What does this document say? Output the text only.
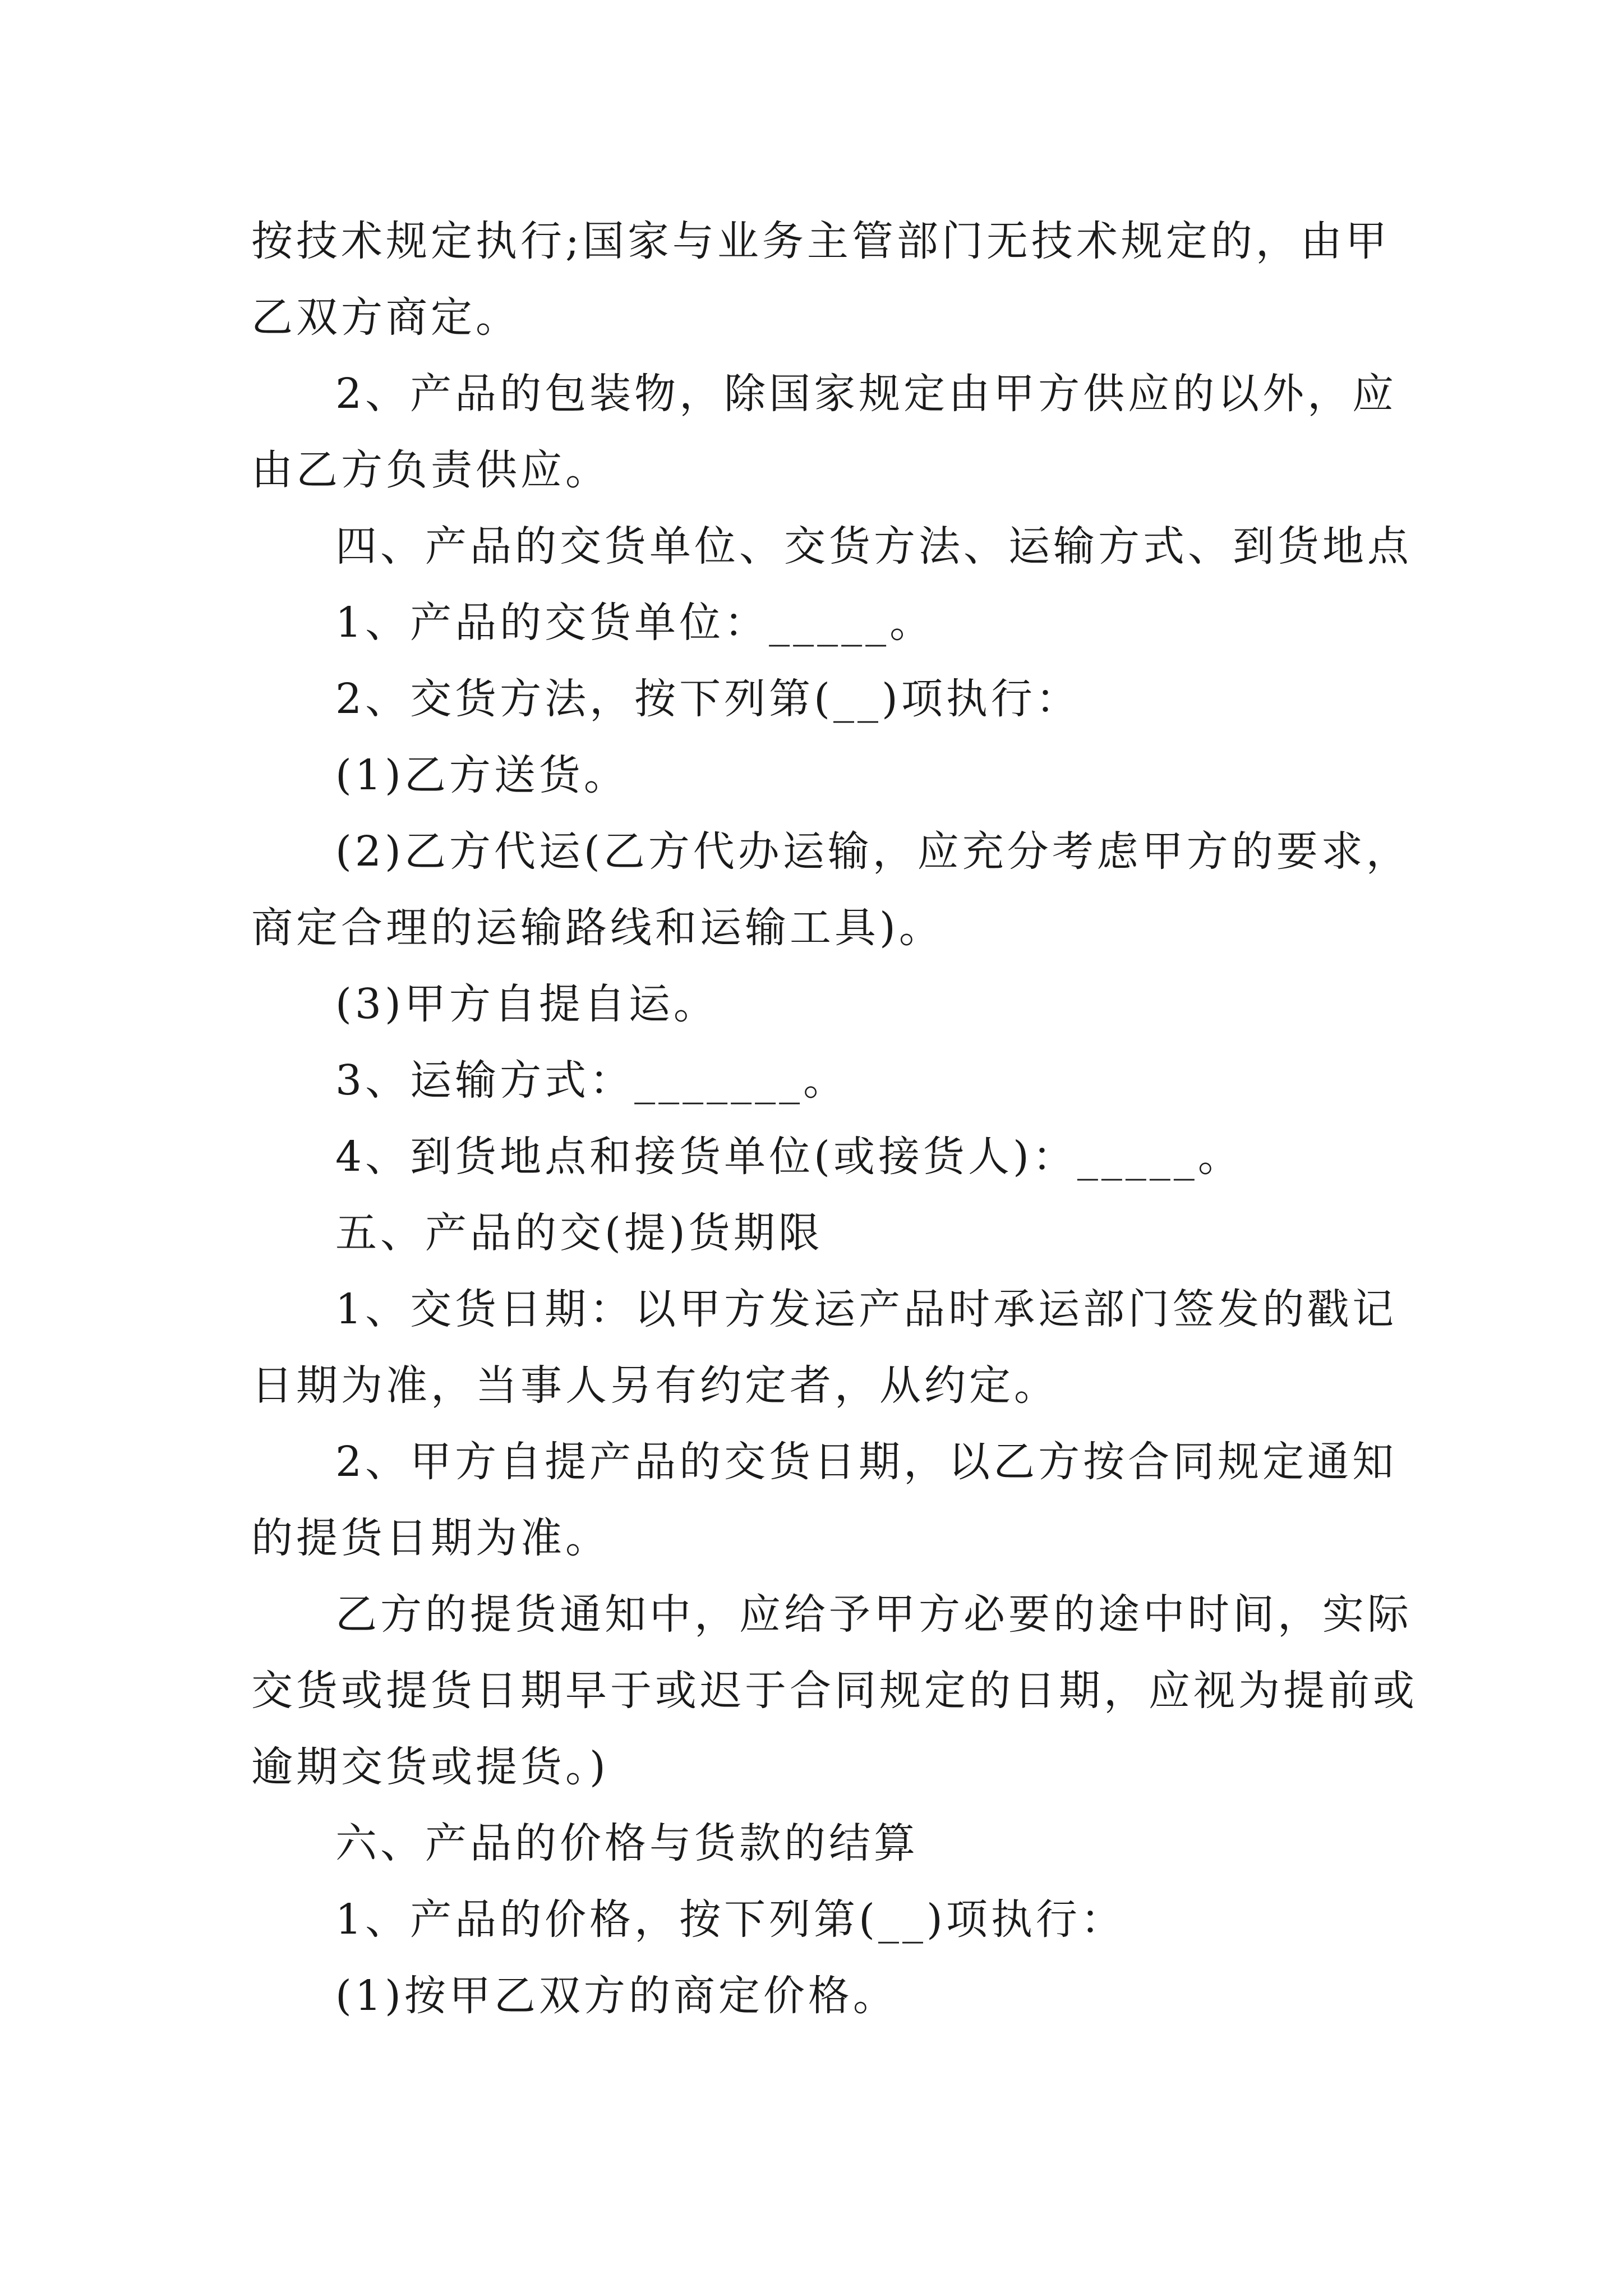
按技术规定执行;国家与业务主管部门无技术规定的，由甲
乙双方商定。
2、产品的包装物，除国家规定由甲方供应的以外，应
由乙方负责供应。
四、产品的交货单位、交货方法、运输方式、到货地点
1、产品的交货单位：_____。
2、交货方法，按下列第(__)项执行：
(1)乙方送货。
(2)乙方代运(乙方代办运输，应充分考虑甲方的要求，
商定合理的运输路线和运输工具)。
(3)甲方自提自运。
3、运输方式：_______。
4、到货地点和接货单位(或接货人)：_____。
五、产品的交(提)货期限
1、交货日期：以甲方发运产品时承运部门签发的戳记
日期为准，当事人另有约定者，从约定。
2、甲方自提产品的交货日期，以乙方按合同规定通知
的提货日期为准。
乙方的提货通知中，应给予甲方必要的途中时间，实际
交货或提货日期早于或迟于合同规定的日期，应视为提前或
逾期交货或提货。)
六、产品的价格与货款的结算
1、产品的价格，按下列第(__)项执行：
(1)按甲乙双方的商定价格。
